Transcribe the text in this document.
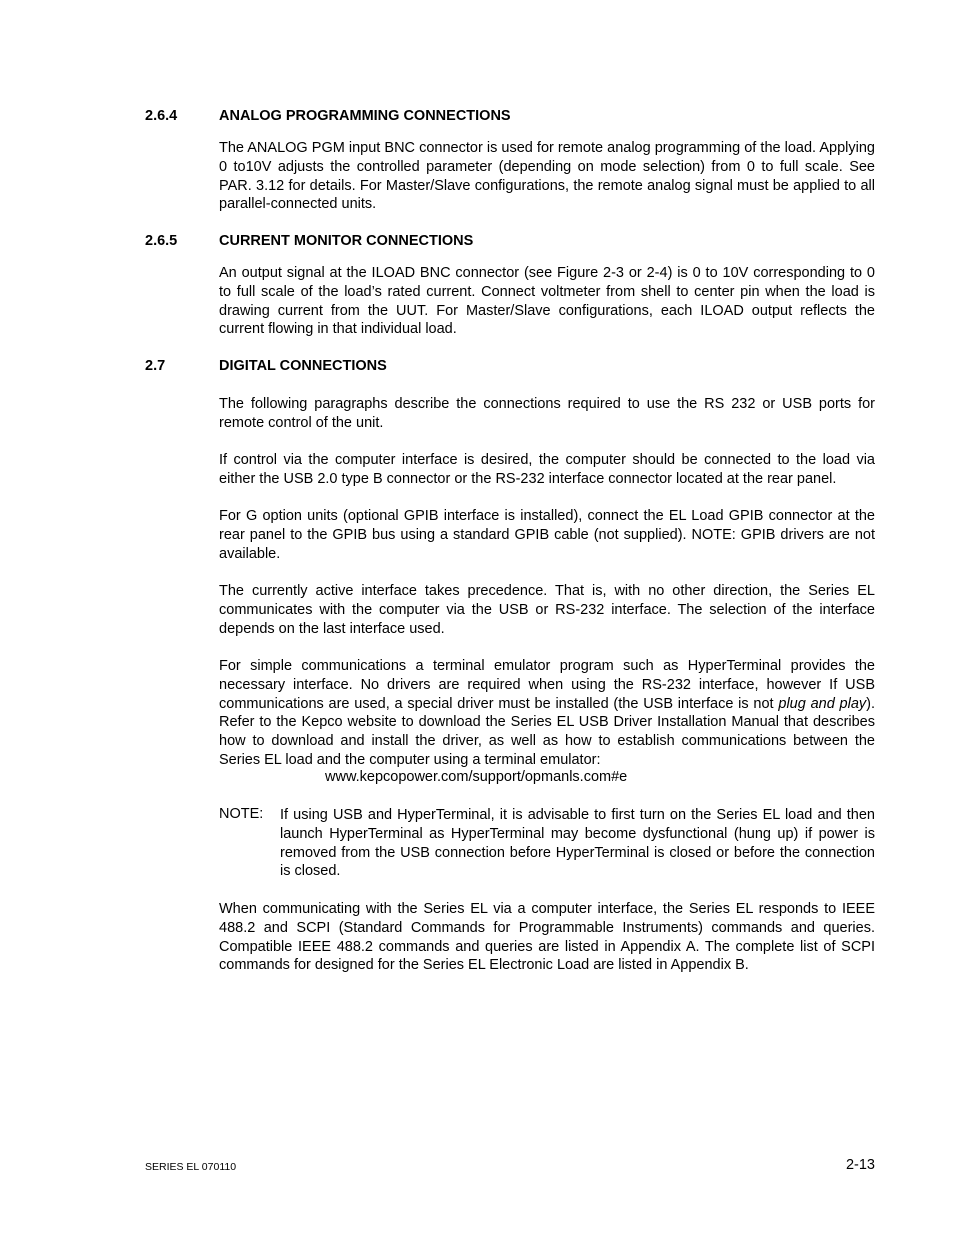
2.6.4	ANALOG PROGRAMMING CONNECTIONS
The ANALOG PGM input BNC connector is used for remote analog programming of the load. Applying 0 to10V adjusts the controlled parameter (depending on mode selection) from 0 to full scale. See PAR. 3.12 for details. For Master/Slave configurations, the remote analog signal must be applied to all parallel-connected units.
2.6.5	CURRENT MONITOR CONNECTIONS
An output signal at the ILOAD BNC connector (see Figure 2-3 or 2-4) is 0 to 10V corresponding to 0 to full scale of the load’s rated current. Connect voltmeter from shell to center pin when the load is drawing current from the UUT. For Master/Slave configurations, each ILOAD output reflects the current flowing in that individual load.
2.7	DIGITAL CONNECTIONS
The following paragraphs describe the connections required to use the RS 232 or USB ports for remote control of the unit.
If control via the computer interface is desired, the computer should be connected to the load via either the USB 2.0 type B connector or the RS-232 interface connector located at the rear panel.
For G option units (optional GPIB interface is installed), connect the EL Load GPIB connector at the rear panel to the GPIB bus using a standard GPIB cable (not supplied). NOTE: GPIB drivers are not available.
The currently active interface takes precedence. That is, with no other direction, the Series EL communicates with the computer via the USB or RS-232 interface. The selection of the interface depends on the last interface used.
For simple communications a terminal emulator program such as HyperTerminal provides the necessary interface. No drivers are required when using the RS-232 interface, however If USB communications are used, a special driver must be installed (the USB interface is not plug and play). Refer to the Kepco website to download the Series EL USB Driver Installation Manual that describes how to download and install the driver, as well as how to establish communications between the Series EL load and the computer using a terminal emulator:
www.kepcopower.com/support/opmanls.com#e
NOTE: If using USB and HyperTerminal, it is advisable to first turn on the Series EL load and then launch HyperTerminal as HyperTerminal may become dysfunctional (hung up) if power is removed from the USB connection before HyperTerminal is closed or before the connection is closed.
When communicating with the Series EL via a computer interface, the Series EL responds to IEEE 488.2 and SCPI (Standard Commands for Programmable Instruments) commands and queries. Compatible IEEE 488.2 commands and queries are listed in Appendix A. The complete list of SCPI commands for designed for the Series EL Electronic Load are listed in Appendix B.
SERIES EL 070110	2-13
